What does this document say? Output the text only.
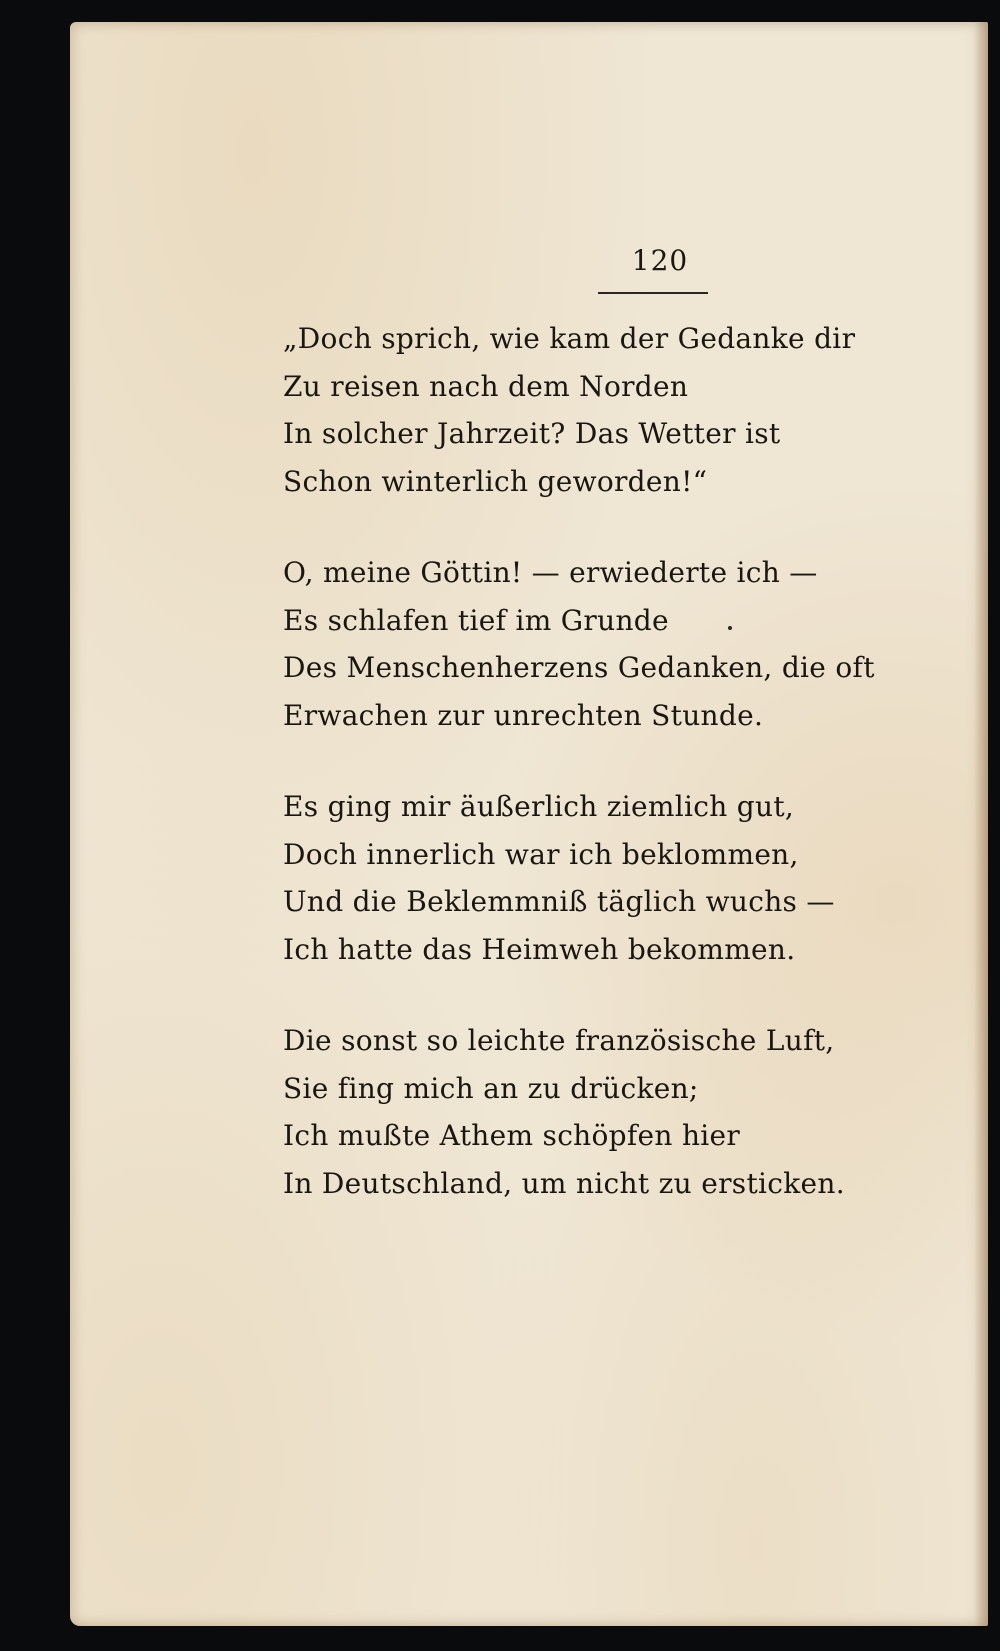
120
„Doch sprich, wie kam der Gedanke dir
Zu reisen nach dem Norden
In solcher Jahrzeit? Das Wetter ist
Schon winterlich geworden!“
O, meine Göttin! — erwiederte ich —
Es schlafen tief im Grunde
Des Menschenherzens Gedanken, die oft
Erwachen zur unrechten Stunde.
Es ging mir äußerlich ziemlich gut,
Doch innerlich war ich beklommen,
Und die Beklemmniß täglich wuchs —
Ich hatte das Heimweh bekommen.
Die sonst so leichte französische Luft,
Sie fing mich an zu drücken;
Ich mußte Athem schöpfen hier
In Deutschland, um nicht zu ersticken.
